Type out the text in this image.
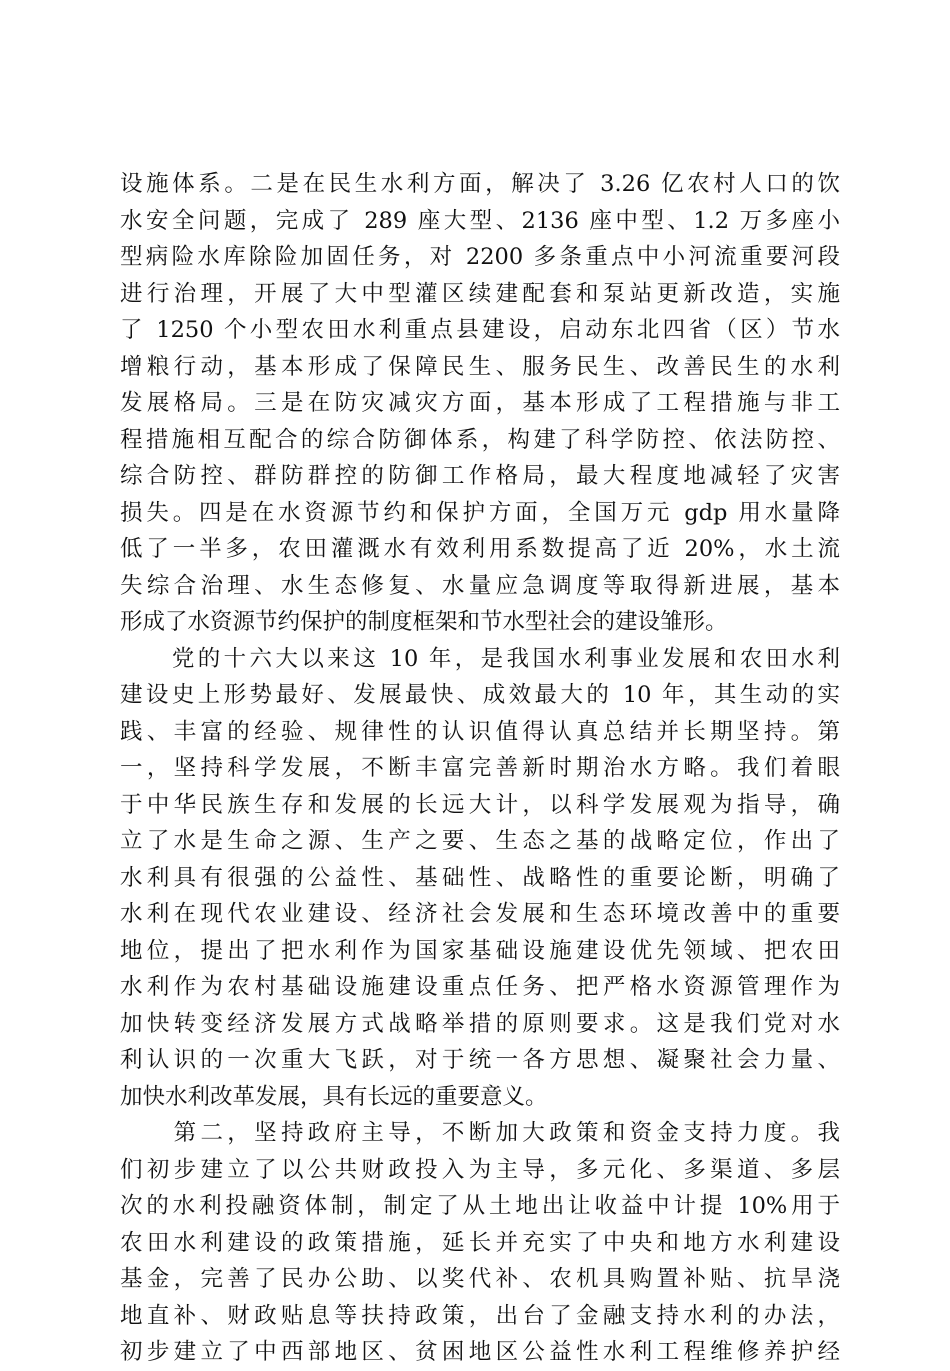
设施体系。二是在民生水利方面，解决了 3.26 亿农村人口的饮
水安全问题，完成了 289 座大型、2136 座中型、1.2 万多座小
型病险水库除险加固任务，对 2200 多条重点中小河流重要河段
进行治理，开展了大中型灌区续建配套和泵站更新改造，实施
了 1250 个小型农田水利重点县建设，启动东北四省（区）节水
增粮行动，基本形成了保障民生、服务民生、改善民生的水利
发展格局。三是在防灾减灾方面，基本形成了工程措施与非工
程措施相互配合的综合防御体系，构建了科学防控、依法防控、
综合防控、群防群控的防御工作格局，最大程度地减轻了灾害
损失。四是在水资源节约和保护方面，全国万元 gdp 用水量降
低了一半多，农田灌溉水有效利用系数提高了近 20%，水土流
失综合治理、水生态修复、水量应急调度等取得新进展，基本
形成了水资源节约保护的制度框架和节水型社会的建设雏形。
　　党的十六大以来这 10 年，是我国水利事业发展和农田水利
建设史上形势最好、发展最快、成效最大的 10 年，其生动的实
践、丰富的经验、规律性的认识值得认真总结并长期坚持。第
一，坚持科学发展，不断丰富完善新时期治水方略。我们着眼
于中华民族生存和发展的长远大计，以科学发展观为指导，确
立了水是生命之源、生产之要、生态之基的战略定位，作出了
水利具有很强的公益性、基础性、战略性的重要论断，明确了
水利在现代农业建设、经济社会发展和生态环境改善中的重要
地位，提出了把水利作为国家基础设施建设优先领域、把农田
水利作为农村基础设施建设重点任务、把严格水资源管理作为
加快转变经济发展方式战略举措的原则要求。这是我们党对水
利认识的一次重大飞跃，对于统一各方思想、凝聚社会力量、
加快水利改革发展，具有长远的重要意义。
　　第二，坚持政府主导，不断加大政策和资金支持力度。我
们初步建立了以公共财政投入为主导，多元化、多渠道、多层
次的水利投融资体制，制定了从土地出让收益中计提 10%用于
农田水利建设的政策措施，延长并充实了中央和地方水利建设
基金，完善了民办公助、以奖代补、农机具购置补贴、抗旱浇
地直补、财政贴息等扶持政策，出台了金融支持水利的办法，
初步建立了中西部地区、贫困地区公益性水利工程维修养护经
